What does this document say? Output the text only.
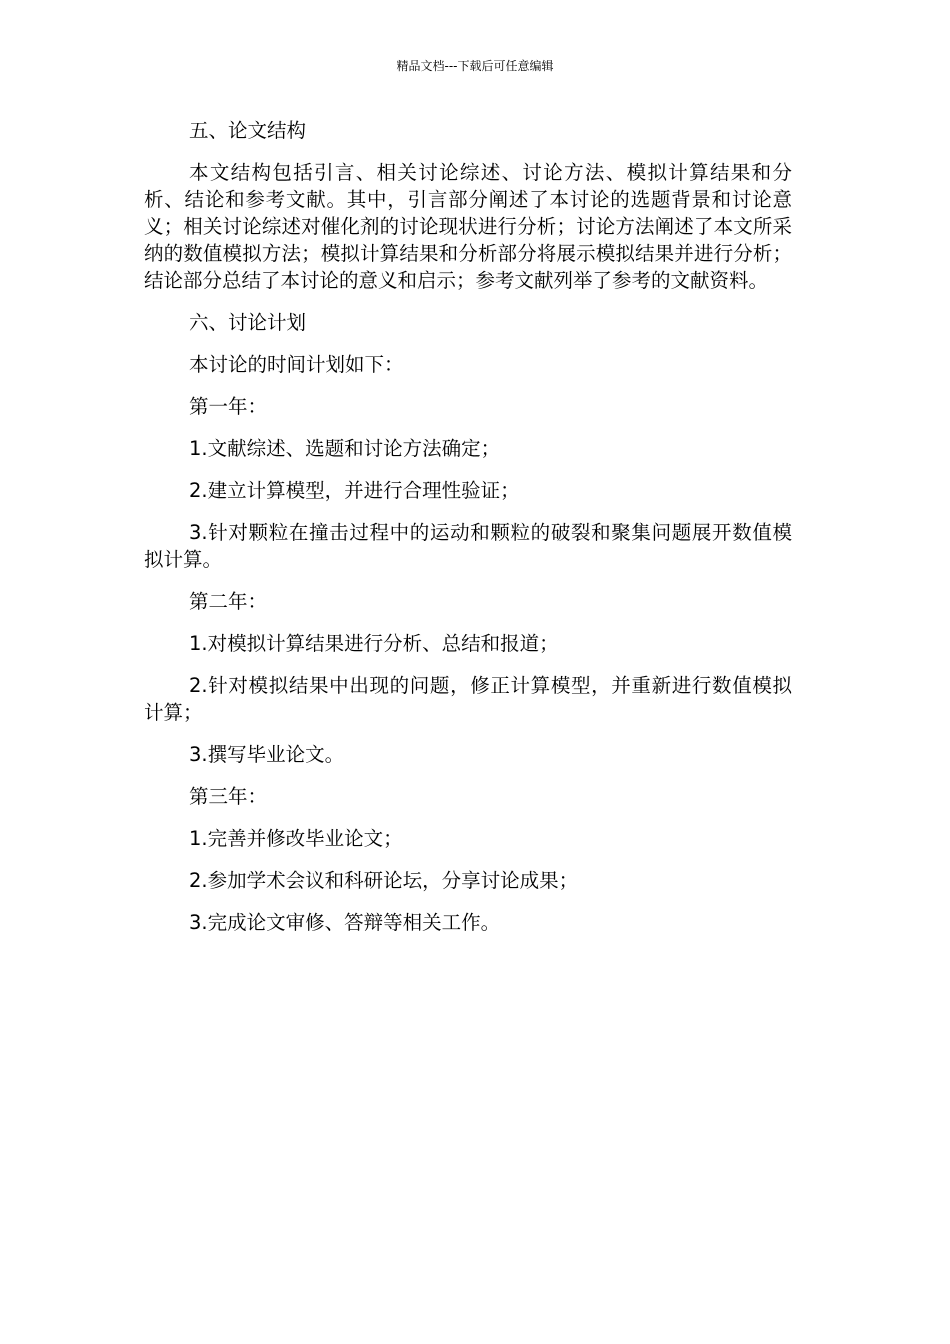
精品文档---下载后可任意编辑

五、论文结构

本文结构包括引言、相关讨论综述、讨论方法、模拟计算结果和分析、结论和参考文献。其中，引言部分阐述了本讨论的选题背景和讨论意义；相关讨论综述对催化剂的讨论现状进行分析；讨论方法阐述了本文所采纳的数值模拟方法；模拟计算结果和分析部分将展示模拟结果并进行分析；结论部分总结了本讨论的意义和启示；参考文献列举了参考的文献资料。

六、讨论计划

本讨论的时间计划如下：

第一年：

1.文献综述、选题和讨论方法确定；

2.建立计算模型，并进行合理性验证；

3.针对颗粒在撞击过程中的运动和颗粒的破裂和聚集问题展开数值模拟计算。

第二年：

1.对模拟计算结果进行分析、总结和报道；

2.针对模拟结果中出现的问题，修正计算模型，并重新进行数值模拟计算；

3.撰写毕业论文。

第三年：

1.完善并修改毕业论文；

2.参加学术会议和科研论坛，分享讨论成果；

3.完成论文审修、答辩等相关工作。
